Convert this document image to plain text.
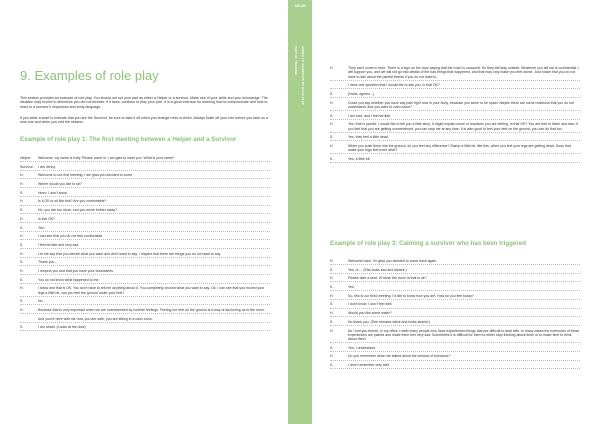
9. Examples of role play

This section provides an example of role play. You should act out your part as either a Helper or a survivor. Make use of your skills and your knowledge. The situation may evolve in directions you did not foresee: if it does, continue to play your part. It is a good exercise for learning how to communicate and how to react to a survivor's responses and body language.

If you wear a scarf to indicate that you are the Survivor, be sure to take it off when you change roles or finish. Always finish off your role before you take on a new one and when you end the session.

Example of role play 1: The first meeting between a Helper and a Survivor
Helper:	Welcome, my name is Katy. Please come in. I am glad to meet you. What is your name?
Survivor:	I am Jenny.
H.	Welcome to our first meeting. I am glad you decided to come.
H.	Where would you like to sit?
S.	Hmm, I don't know.
H.	Is it OK to sit like this? Are you comfortable?
S.	No, you are too close, can you move further away?
H.	Is this OK?
S.	Yes.
H.	I can see that you do not feel comfortable.
S.	I feel terrible and very sad.
H.	Let me say that you decide what you want and don't want to say. I respect that there are things you do not want to say.
S.	Thank you...
H.	I respect you and that you have your boundaries.
S.	You do not know what happened to me.
H.	I know and that is OK. You don't have to tell me anything about it. You completely choose what you want to say. Ok, I can see that you moved your legs a little bit, can you feel the ground under your feet?
S.	No...
H.	Because that is very important when we are overwhelmed by horrible feelings. Feeling our feet on the ground is a way of anchoring us in the room.
And you're here with me now, you are safe, you are sitting in a calm room.
S.	I am afraid. (Looks at the door)
148 149
PART III: TRAINING ANNEX 13: EXAMPLES OF ROLE PLAY	H.	They can't come in here. There is a sign on the door saying that the room is occupied. So they will stay outside. Whatever you tell me is confidential. I will support you, and we will not go into details of the bad things that happened, and that may only make you feel worse. Just notice that you do not have to talk about the painful events if you do not want to.
I have one question that I would like to ask you, is that OK?
S.	(Nods, agrees...)
H.	Could you say whether you have any pain right now in your body, because you seem to be upset. Maybe there are some reactions that you do not understand, that you want to calm down?
S.	I am cold, and I feel terrible.
H.	Yes, that is painful. I would like to tell you a little story. It might explain some of reactions you are feeling. Is that OK? You are free to listen and also, if you feel that you are getting overwhelmed, you can stop me at any time. It is also good to feel your feet on the ground, you can do that too.
S.	Yes, they feel a little dead.
H.	When you push them into the ground, do you feel any difference? Stamp a little bit, like this, when you feel your legs are getting dead. Does that make your legs feel more alive?
S.	Yes, a little bit.
Example of role play 3: Calming a survivor who has been triggered
H.	Welcome back. I'm glad you decided to come back again.
S.	Yes, hi.... (She looks sad and distant.)
H.	Please take a seat. I'll close the door! Is that is ok?
S.	Yes.
H.	So, this is our third meeting. I'd like to know how you are. How do you feel today?
S.	I don't know. I don't feel well.
H.	Would you like some water?
S.	No thank you. (She remains silent and looks absent.)
H.	As I told you before, in my office I meet many people who have experienced things that are difficult to deal with. In many cases the memories of those experiences are painful and make them feel very sad. Sometimes it is difficult for them to either stop thinking about them or to make time to think about them.
S.	Yes, I understand.
H.	Do you remember when we talked about the window of tolerance?
S.	I don't remember very well.
